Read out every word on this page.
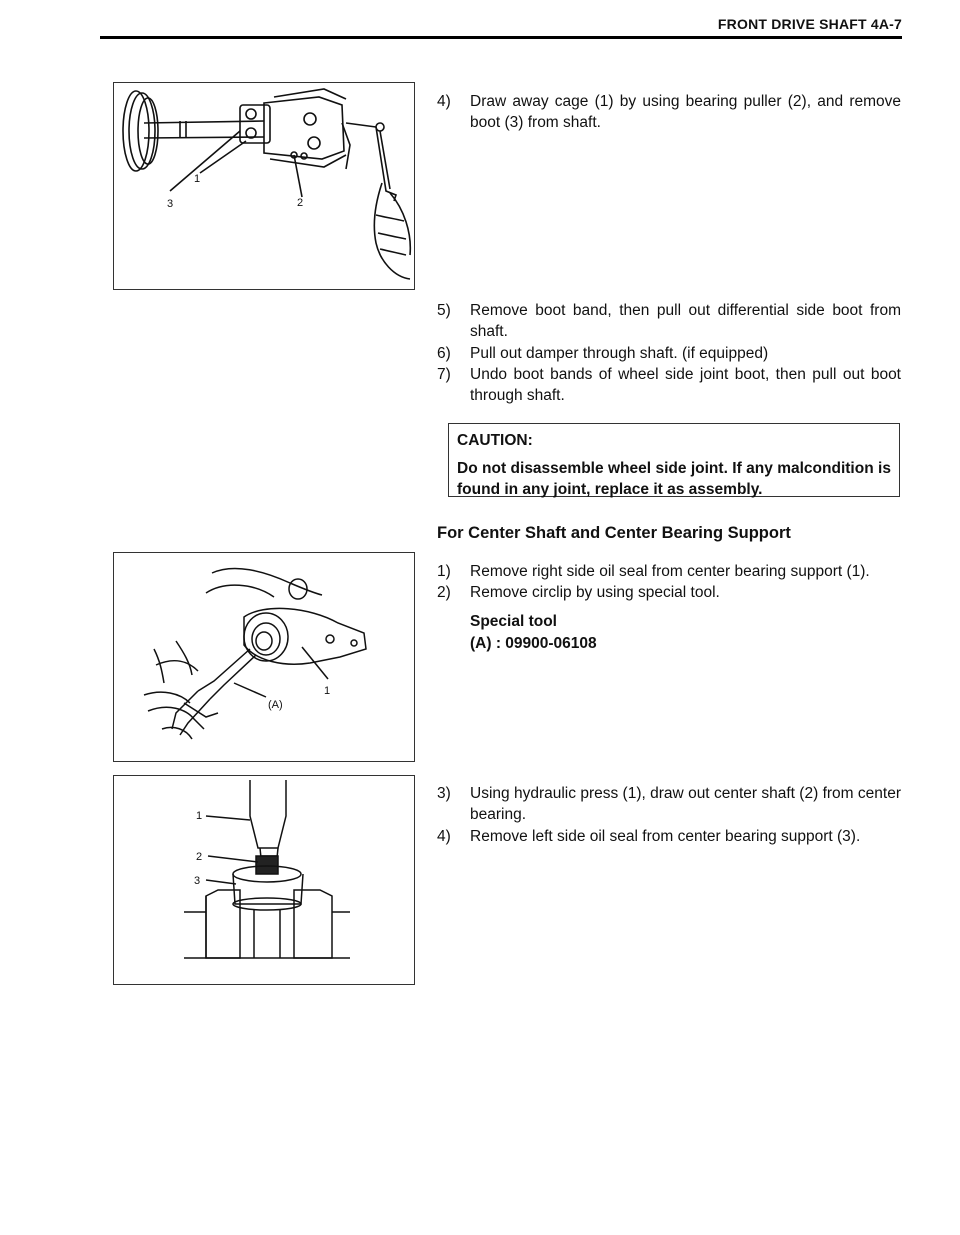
FRONT DRIVE SHAFT 4A-7
3
1
2
4)	Draw away cage (1) by using bearing puller (2), and remove boot (3) from shaft.
5)	Remove boot band, then pull out differential side boot from shaft.
6)	Pull out damper through shaft. (if equipped)
7)	Undo boot bands of wheel side joint boot, then pull out boot through shaft.
CAUTION:
Do not disassemble wheel side joint. If any malcondition is found in any joint, replace it as assembly.
For Center Shaft and Center Bearing Support
1
(A)
1)	Remove right side oil seal from center bearing support (1).
2)	Remove circlip by using special tool.
Special tool
(A) : 09900-06108
1
2
3
3)	Using hydraulic press (1), draw out center shaft (2) from center bearing.
4)	Remove left side oil seal from center bearing support (3).
